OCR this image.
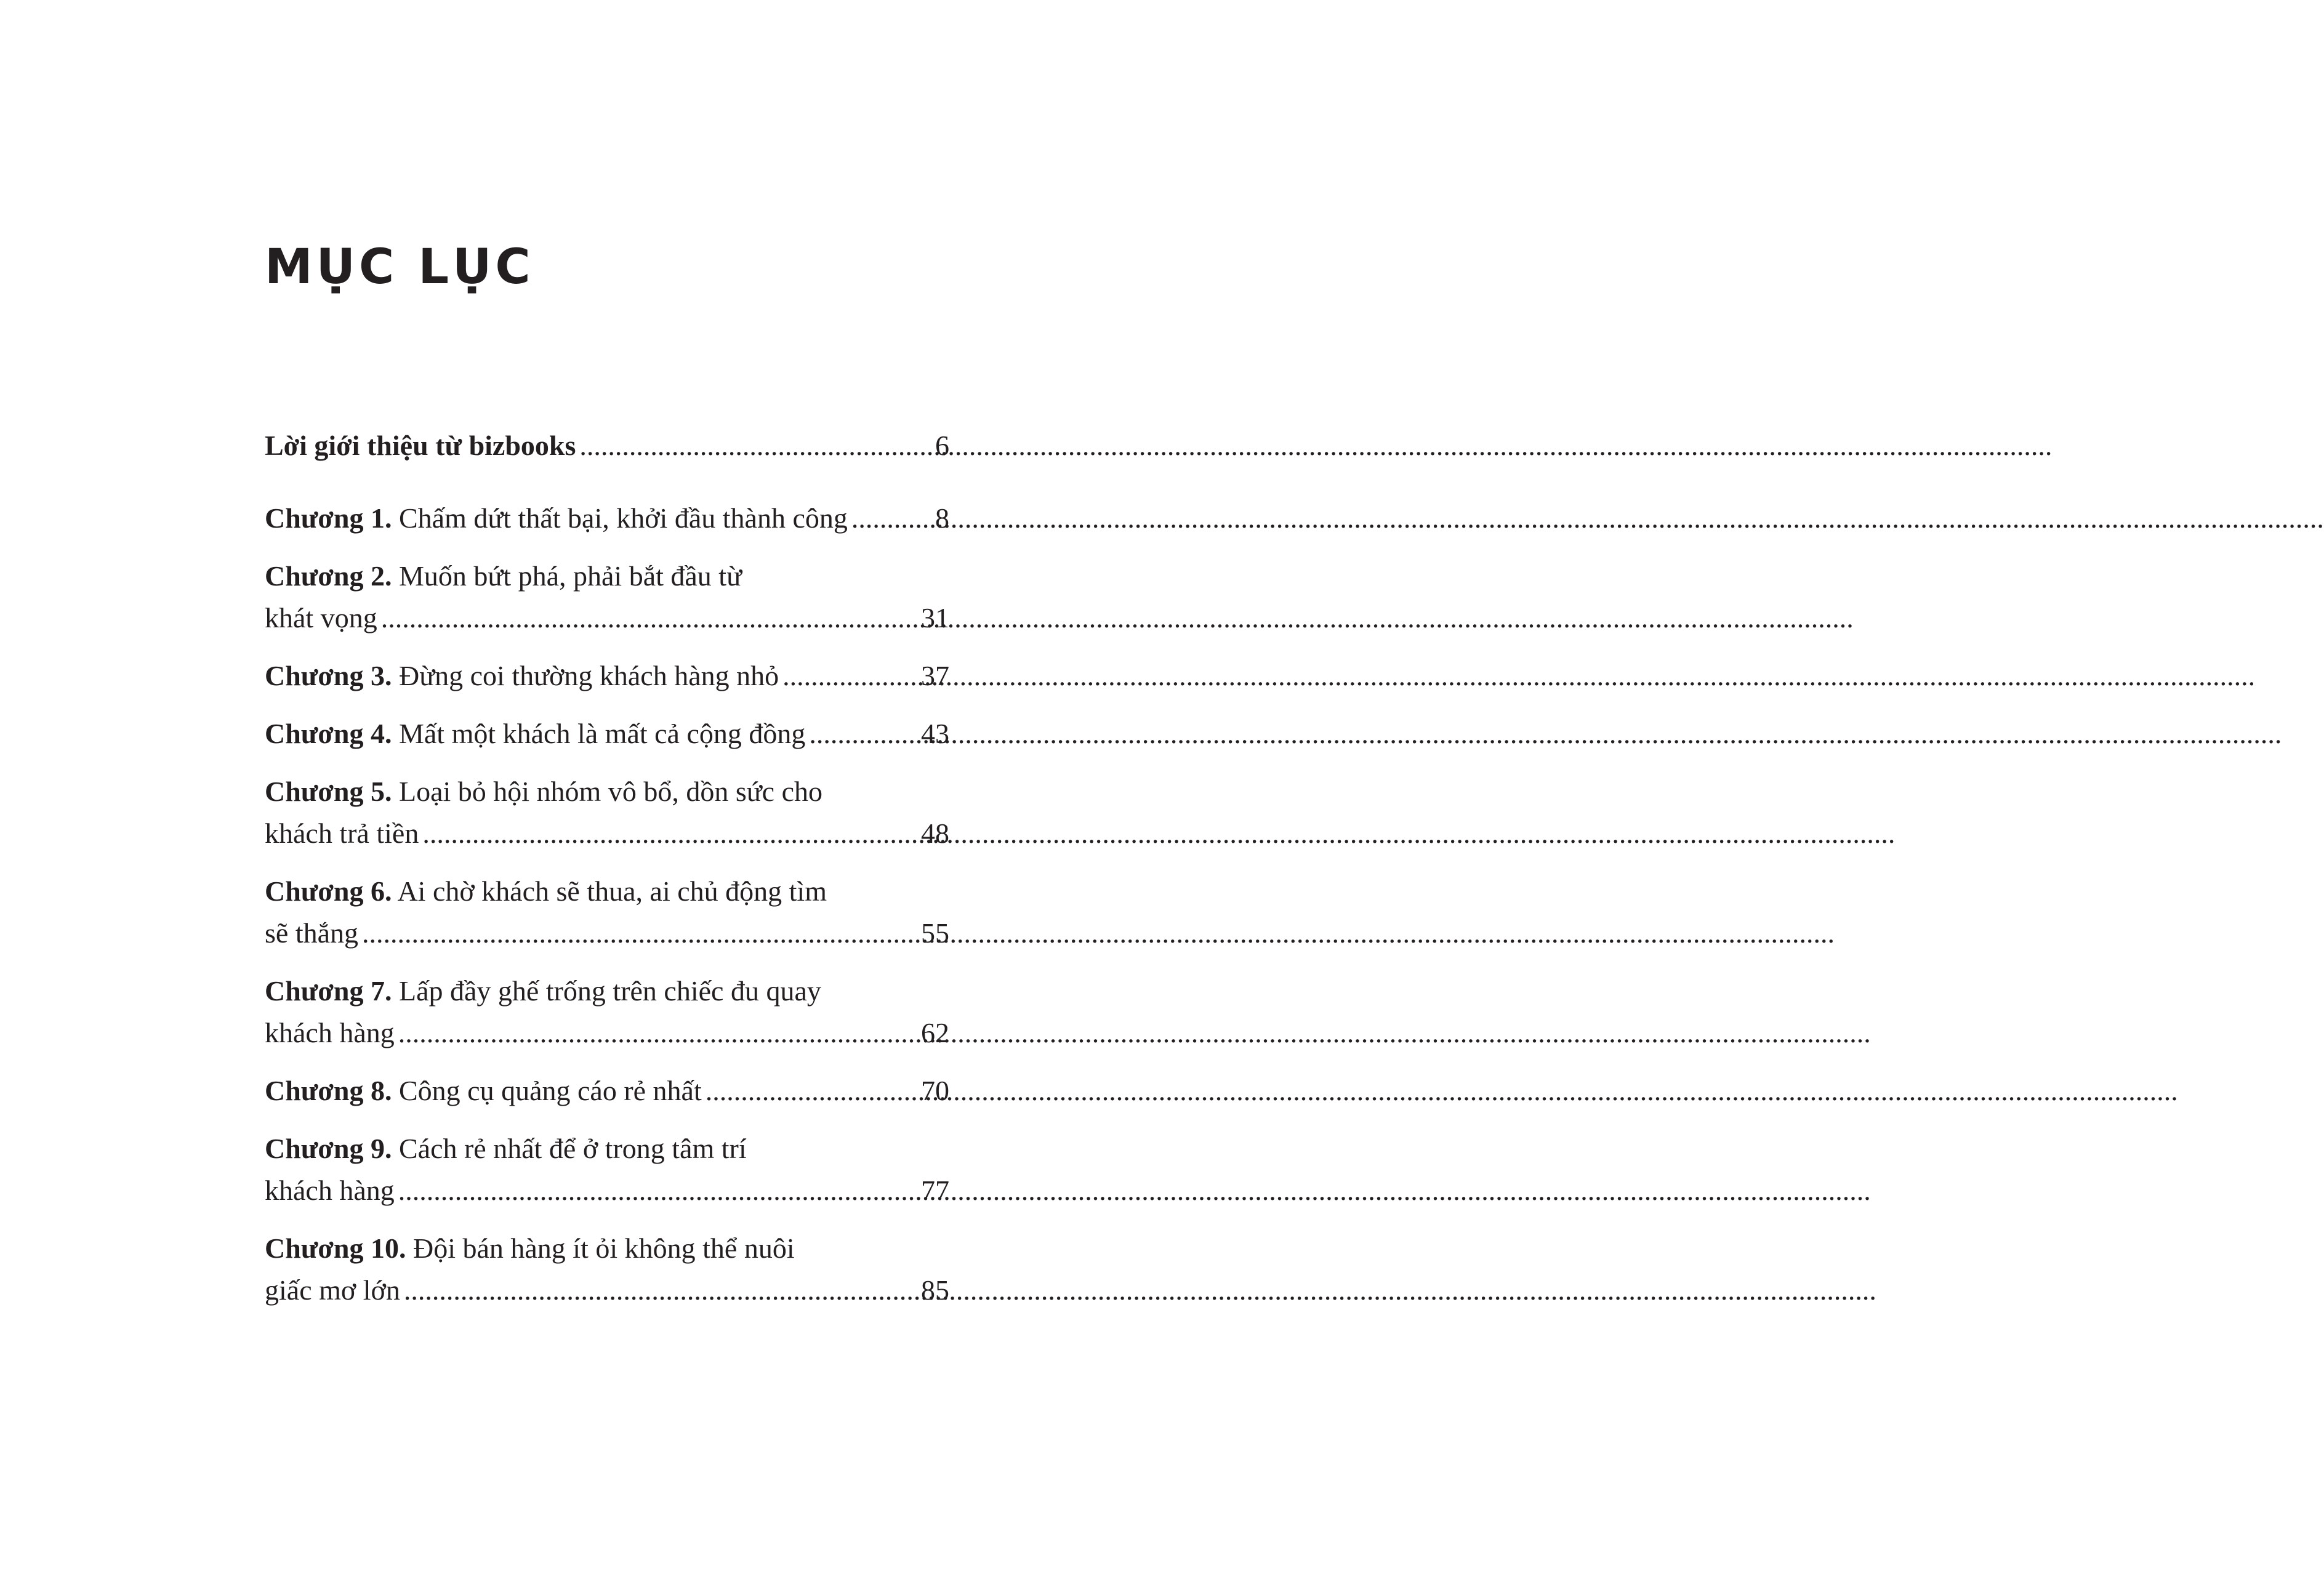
MỤC LỤC
Lời giới thiệu từ bizbooks .....	6
Chương 1. Chấm dứt thất bại, khởi đầu thành công .....	8
Chương 2. Muốn bứt phá, phải bắt đầu từ
khát vọng .....	31
Chương 3. Đừng coi thường khách hàng nhỏ .....	37
Chương 4. Mất một khách là mất cả cộng đồng .....	43
Chương 5. Loại bỏ hội nhóm vô bổ, dồn sức cho
khách trả tiền .....	48
Chương 6. Ai chờ khách sẽ thua, ai chủ động tìm
sẽ thắng .....	55
Chương 7. Lấp đầy ghế trống trên chiếc đu quay
khách hàng .....	62
Chương 8. Công cụ quảng cáo rẻ nhất .....	70
Chương 9. Cách rẻ nhất để ở trong tâm trí
khách hàng .....	77
Chương 10. Đội bán hàng ít ỏi không thể nuôi
giấc mơ lớn .....	85
